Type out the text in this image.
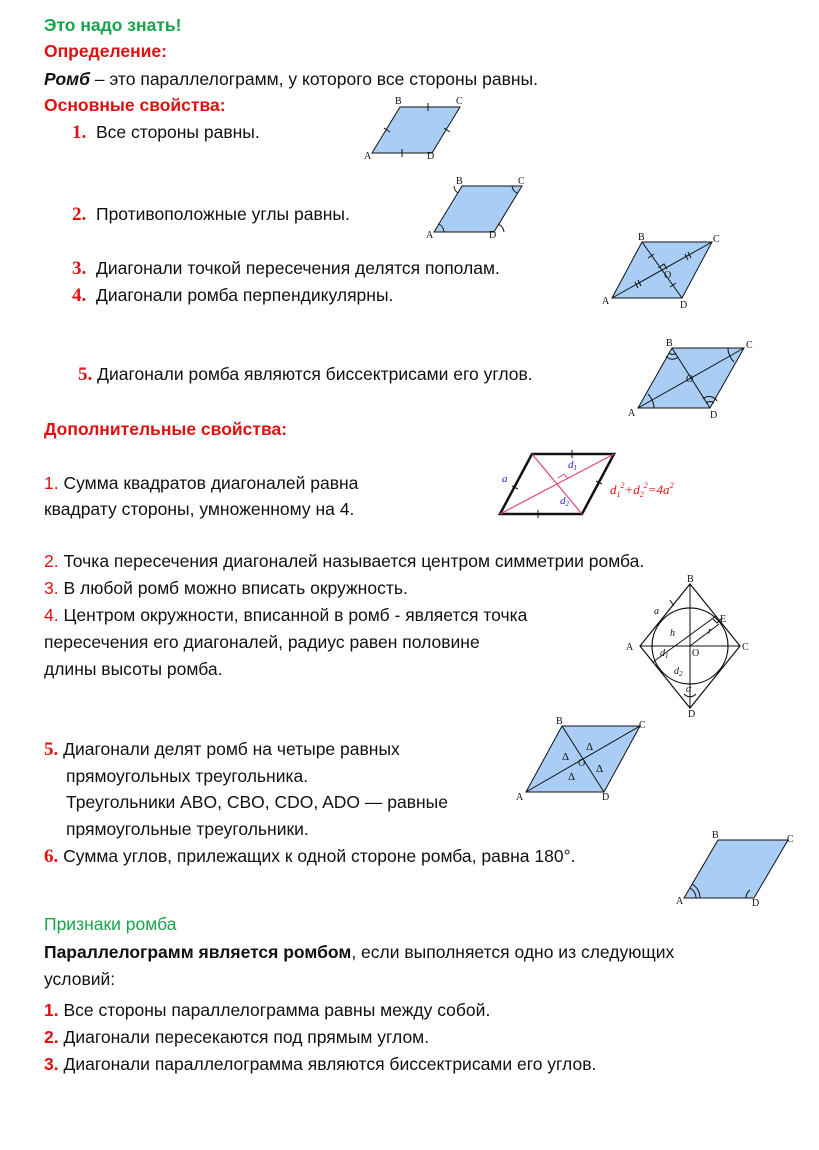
Это надо знать!
Определение:
Ромб – это параллелограмм, у которого все стороны равны.
Основные свойства:
1. Все стороны равны.
2. Противоположные углы равны.
3. Диагонали точкой пересечения делятся пополам.
4. Диагонали ромба перпендикулярны.
5. Диагонали ромба являются биссектрисами его углов.
Дополнительные свойства:
1. Сумма квадратов диагоналей равна
квадрату стороны, умноженному на 4.
2. Точка пересечения диагоналей называется центром симметрии ромба.
3. В любой ромб можно вписать окружность.
4. Центром окружности, вписанной в ромб - является точка
пересечения его диагоналей, радиус равен половине
длины высоты ромба.
5. Диагонали делят ромб на четыре равных
прямоугольных треугольника.
Треугольники ABO, CBO, CDO, ADO — равные
прямоугольные треугольники.
6. Сумма углов, прилежащих к одной стороне ромба, равна 180°.
Признаки ромба
Параллелограмм является ромбом, если выполняется одно из следующих
условий:
1. Все стороны параллелограмма равны между собой.
2. Диагонали пересекаются под прямым углом.
3. Диагонали параллелограмма являются биссектрисами его углов.
A
B	C
D
A
B	C
D
O
A
B	C
D
O
A
B	C
D
a
d1
d2
$d_1^2+d_2^2=4a^2$
A
B
C
D
O
E
a
h	r
$d_1$
$d_2$
α
Δ
Δ
Δ
Δ
O
A
B	C
D
A
B	C
D
